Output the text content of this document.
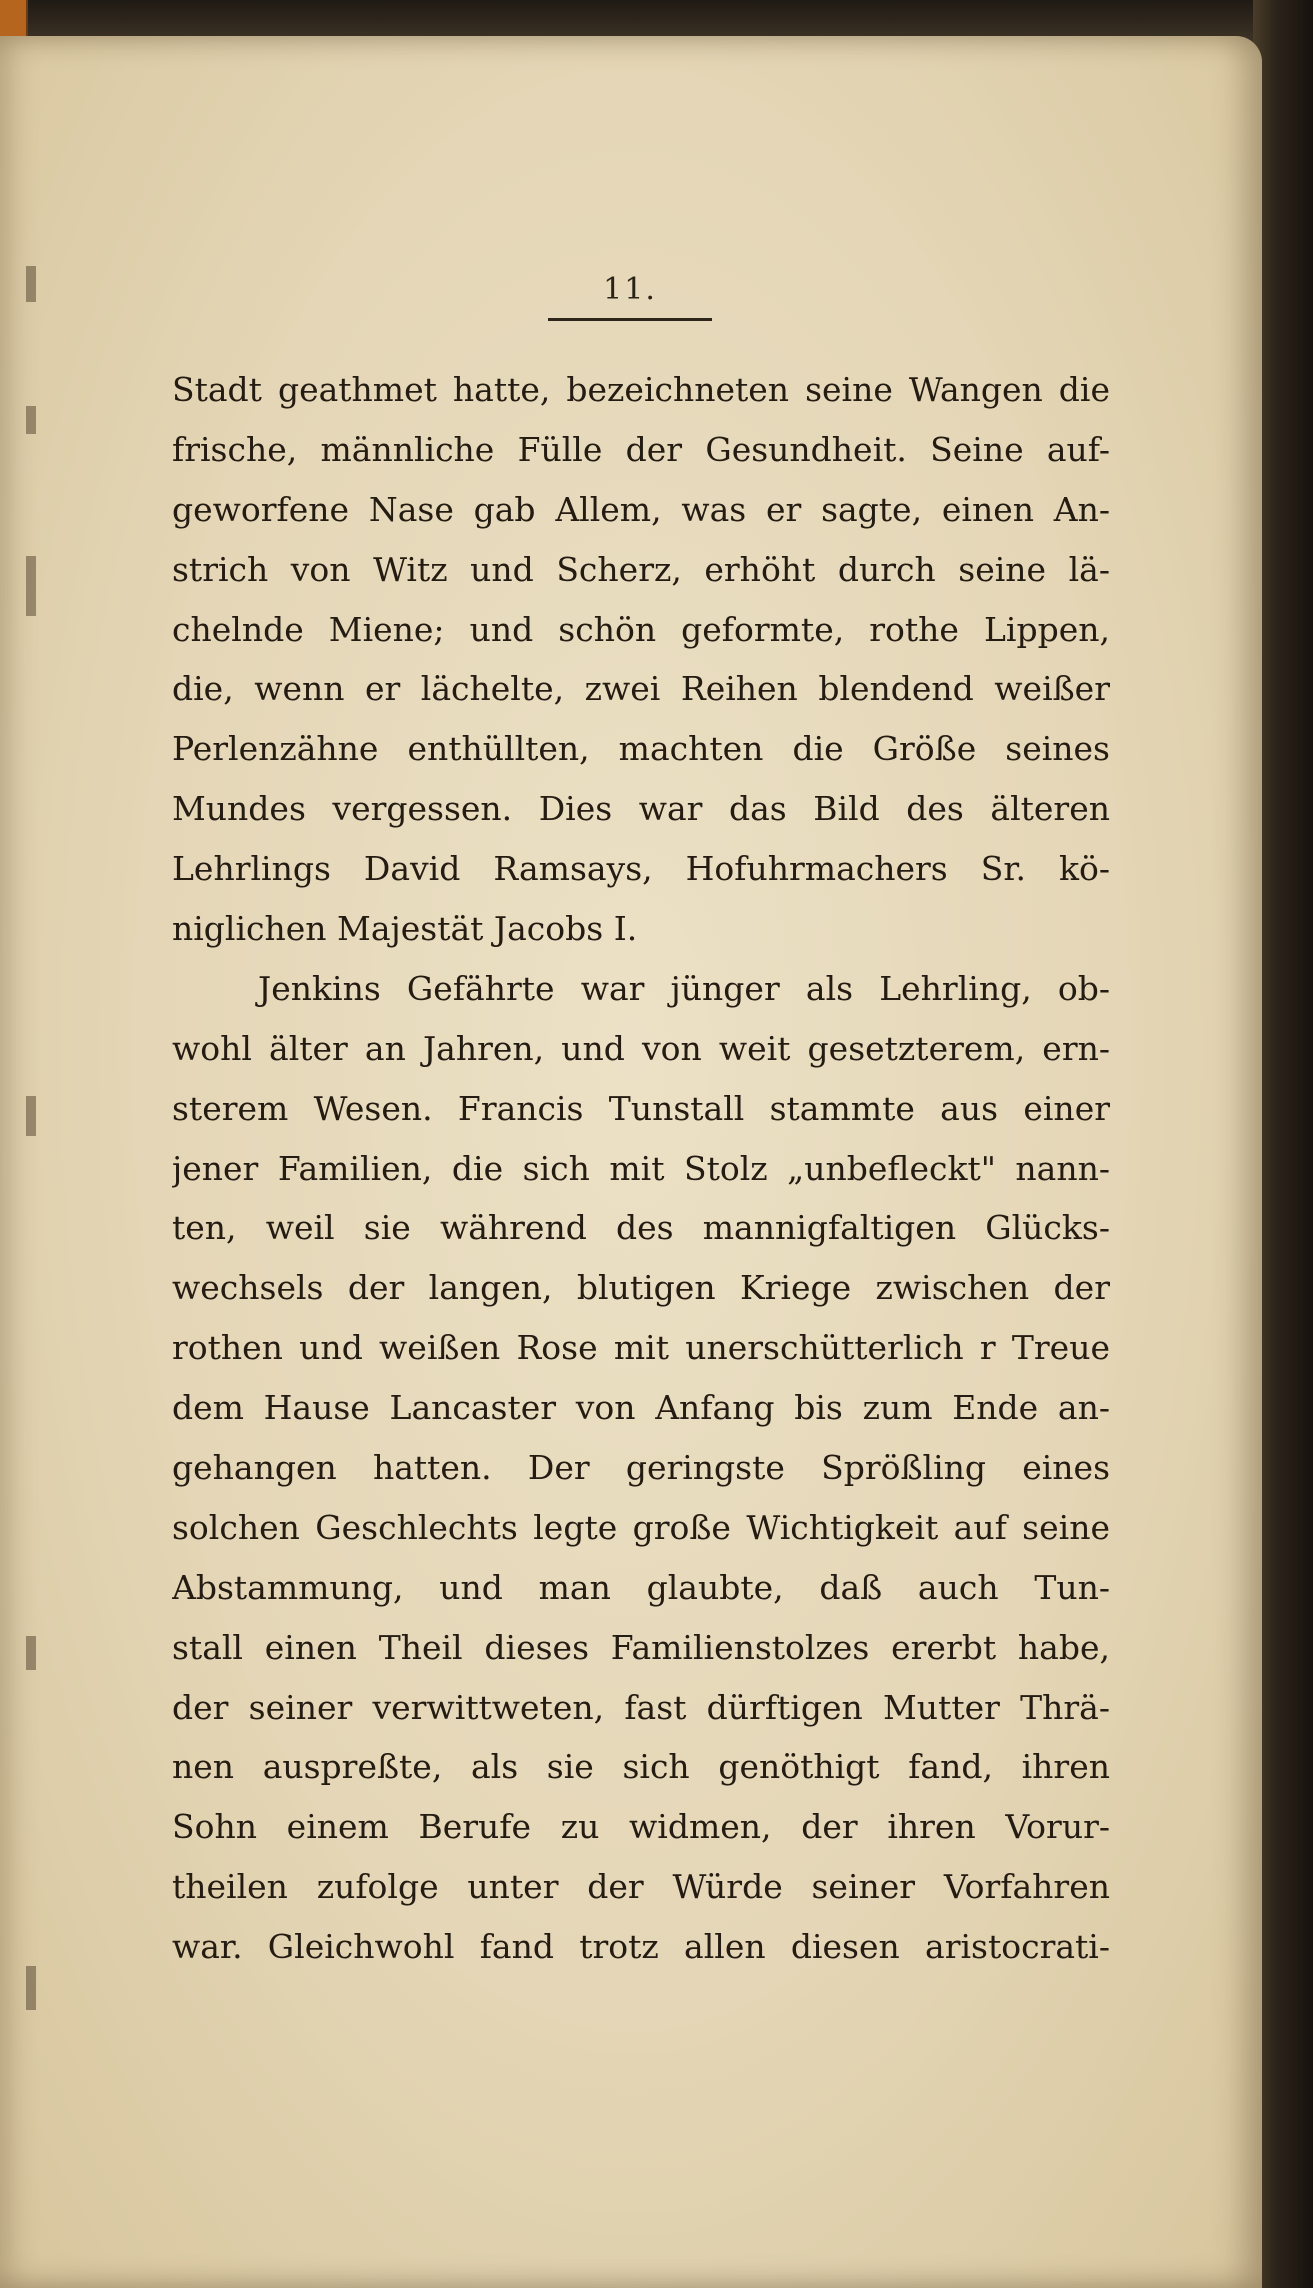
11.
Stadt geathmet hatte, bezeichneten seine Wangen die
frische, männliche Fülle der Gesundheit. Seine auf-
geworfene Nase gab Allem, was er sagte, einen An-
strich von Witz und Scherz, erhöht durch seine lä-
chelnde Miene; und schön geformte, rothe Lippen,
die, wenn er lächelte, zwei Reihen blendend weißer
Perlenzähne enthüllten, machten die Größe seines
Mundes vergessen. Dies war das Bild des älteren
Lehrlings David Ramsays, Hofuhrmachers Sr. kö-
niglichen Majestät Jacobs I.
Jenkins Gefährte war jünger als Lehrling, ob-
wohl älter an Jahren, und von weit gesetzterem, ern-
sterem Wesen. Francis Tunstall stammte aus einer
jener Familien, die sich mit Stolz „unbefleckt" nann-
ten, weil sie während des mannigfaltigen Glücks-
wechsels der langen, blutigen Kriege zwischen der
rothen und weißen Rose mit unerschütterlich r Treue
dem Hause Lancaster von Anfang bis zum Ende an-
gehangen hatten. Der geringste Sprößling eines
solchen Geschlechts legte große Wichtigkeit auf seine
Abstammung, und man glaubte, daß auch Tun-
stall einen Theil dieses Familienstolzes ererbt habe,
der seiner verwittweten, fast dürftigen Mutter Thrä-
nen auspreßte, als sie sich genöthigt fand, ihren
Sohn einem Berufe zu widmen, der ihren Vorur-
theilen zufolge unter der Würde seiner Vorfahren
war. Gleichwohl fand trotz allen diesen aristocrati-
